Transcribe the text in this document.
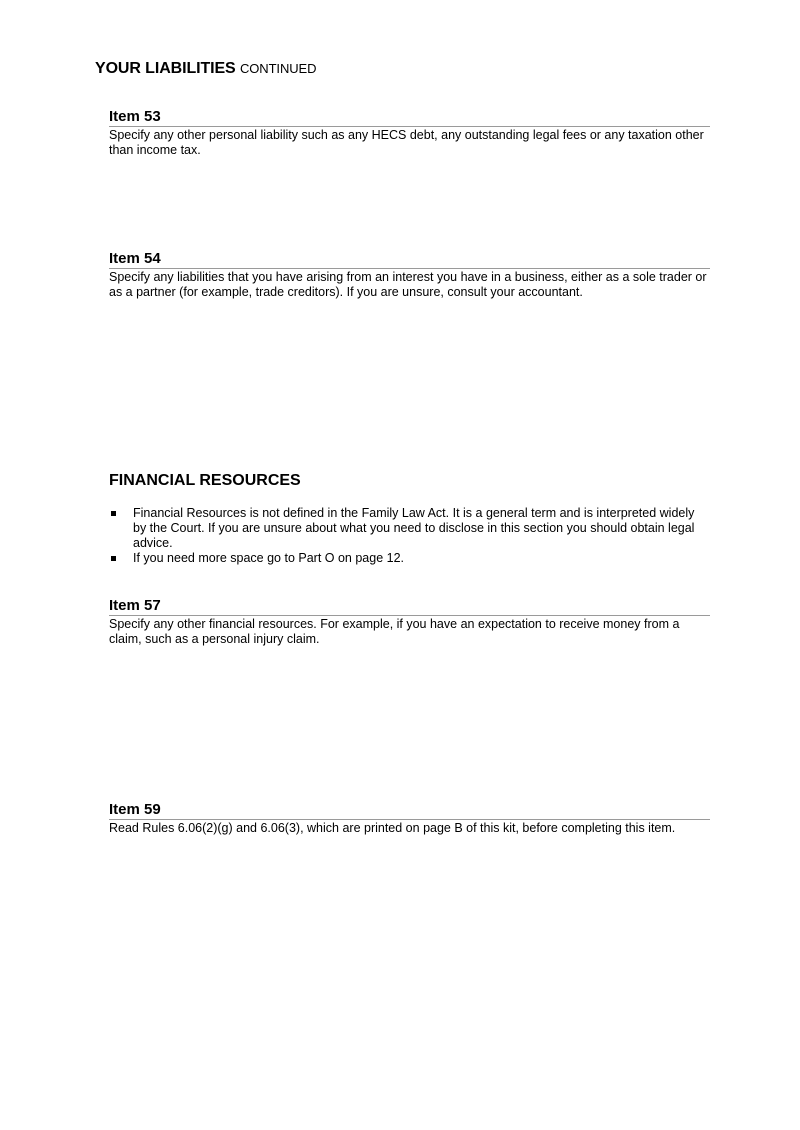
YOUR LIABILITIES CONTINUED
Item 53
Specify any other personal liability such as any HECS debt, any outstanding legal fees or any taxation other than income tax.
Item 54
Specify any liabilities that you have arising from an interest you have in a business, either as a sole trader or as a partner (for example, trade creditors). If you are unsure, consult your accountant.
FINANCIAL RESOURCES
Financial Resources is not defined in the Family Law Act. It is a general term and is interpreted widely by the Court. If you are unsure about what you need to disclose in this section you should obtain legal advice.
If you need more space go to Part O on page 12.
Item 57
Specify any other financial resources. For example, if you have an expectation to receive money from a claim, such as a personal injury claim.
Item 59
Read Rules 6.06(2)(g) and 6.06(3), which are printed on page B of this kit, before completing this item.
